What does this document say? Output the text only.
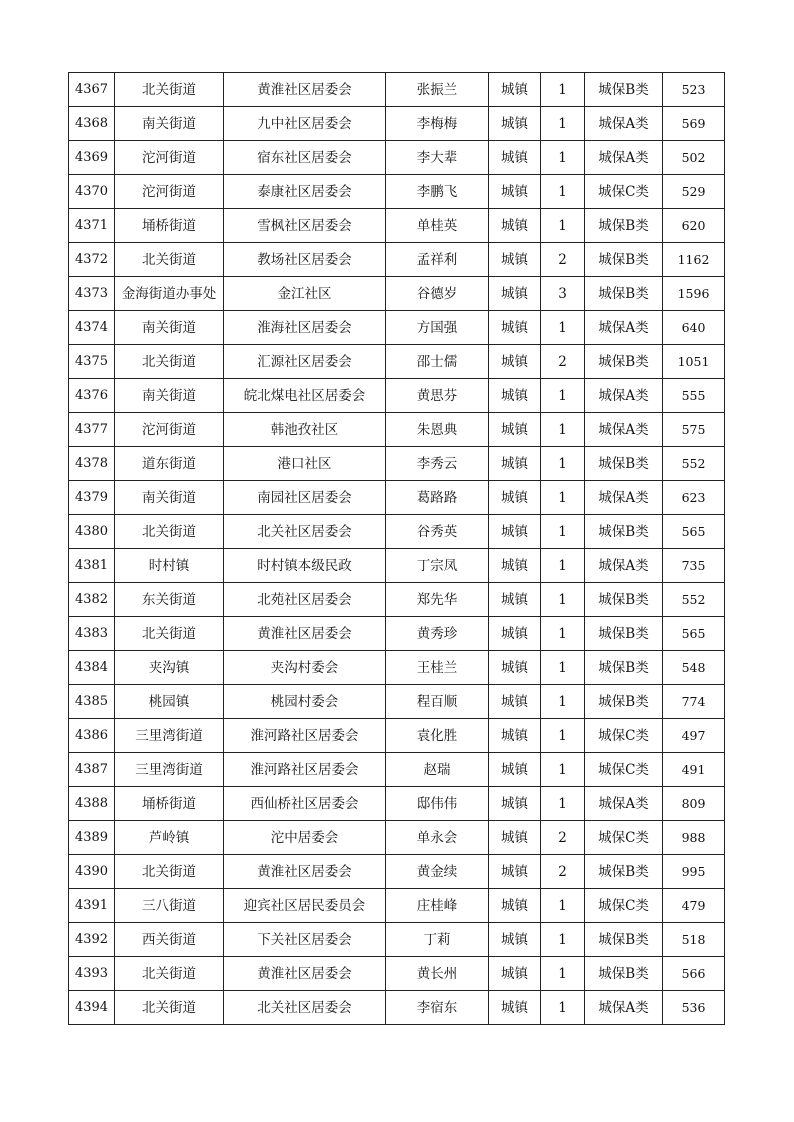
4367	北关街道	黄淮社区居委会	张振兰	城镇	1	城保B类	523
4368	南关街道	九中社区居委会	李梅梅	城镇	1	城保A类	569
4369	沱河街道	宿东社区居委会	李大辈	城镇	1	城保A类	502
4370	沱河街道	泰康社区居委会	李鹏飞	城镇	1	城保C类	529
4371	埇桥街道	雪枫社区居委会	单桂英	城镇	1	城保B类	620
4372	北关街道	教场社区居委会	孟祥利	城镇	2	城保B类	1162
4373	金海街道办事处	金江社区	谷德岁	城镇	3	城保B类	1596
4374	南关街道	淮海社区居委会	方国强	城镇	1	城保A类	640
4375	北关街道	汇源社区居委会	邵士儒	城镇	2	城保B类	1051
4376	南关街道	皖北煤电社区居委会	黄思芬	城镇	1	城保A类	555
4377	沱河街道	韩池孜社区	朱恩典	城镇	1	城保A类	575
4378	道东街道	港口社区	李秀云	城镇	1	城保B类	552
4379	南关街道	南园社区居委会	葛路路	城镇	1	城保A类	623
4380	北关街道	北关社区居委会	谷秀英	城镇	1	城保B类	565
4381	时村镇	时村镇本级民政	丁宗凤	城镇	1	城保A类	735
4382	东关街道	北苑社区居委会	郑先华	城镇	1	城保B类	552
4383	北关街道	黄淮社区居委会	黄秀珍	城镇	1	城保B类	565
4384	夹沟镇	夹沟村委会	王桂兰	城镇	1	城保B类	548
4385	桃园镇	桃园村委会	程百顺	城镇	1	城保B类	774
4386	三里湾街道	淮河路社区居委会	袁化胜	城镇	1	城保C类	497
4387	三里湾街道	淮河路社区居委会	赵瑞	城镇	1	城保C类	491
4388	埇桥街道	西仙桥社区居委会	邸伟伟	城镇	1	城保A类	809
4389	芦岭镇	沱中居委会	单永会	城镇	2	城保C类	988
4390	北关街道	黄淮社区居委会	黄金续	城镇	2	城保B类	995
4391	三八街道	迎宾社区居民委员会	庄桂峰	城镇	1	城保C类	479
4392	西关街道	下关社区居委会	丁莉	城镇	1	城保B类	518
4393	北关街道	黄淮社区居委会	黄长州	城镇	1	城保B类	566
4394	北关街道	北关社区居委会	李宿东	城镇	1	城保A类	536
